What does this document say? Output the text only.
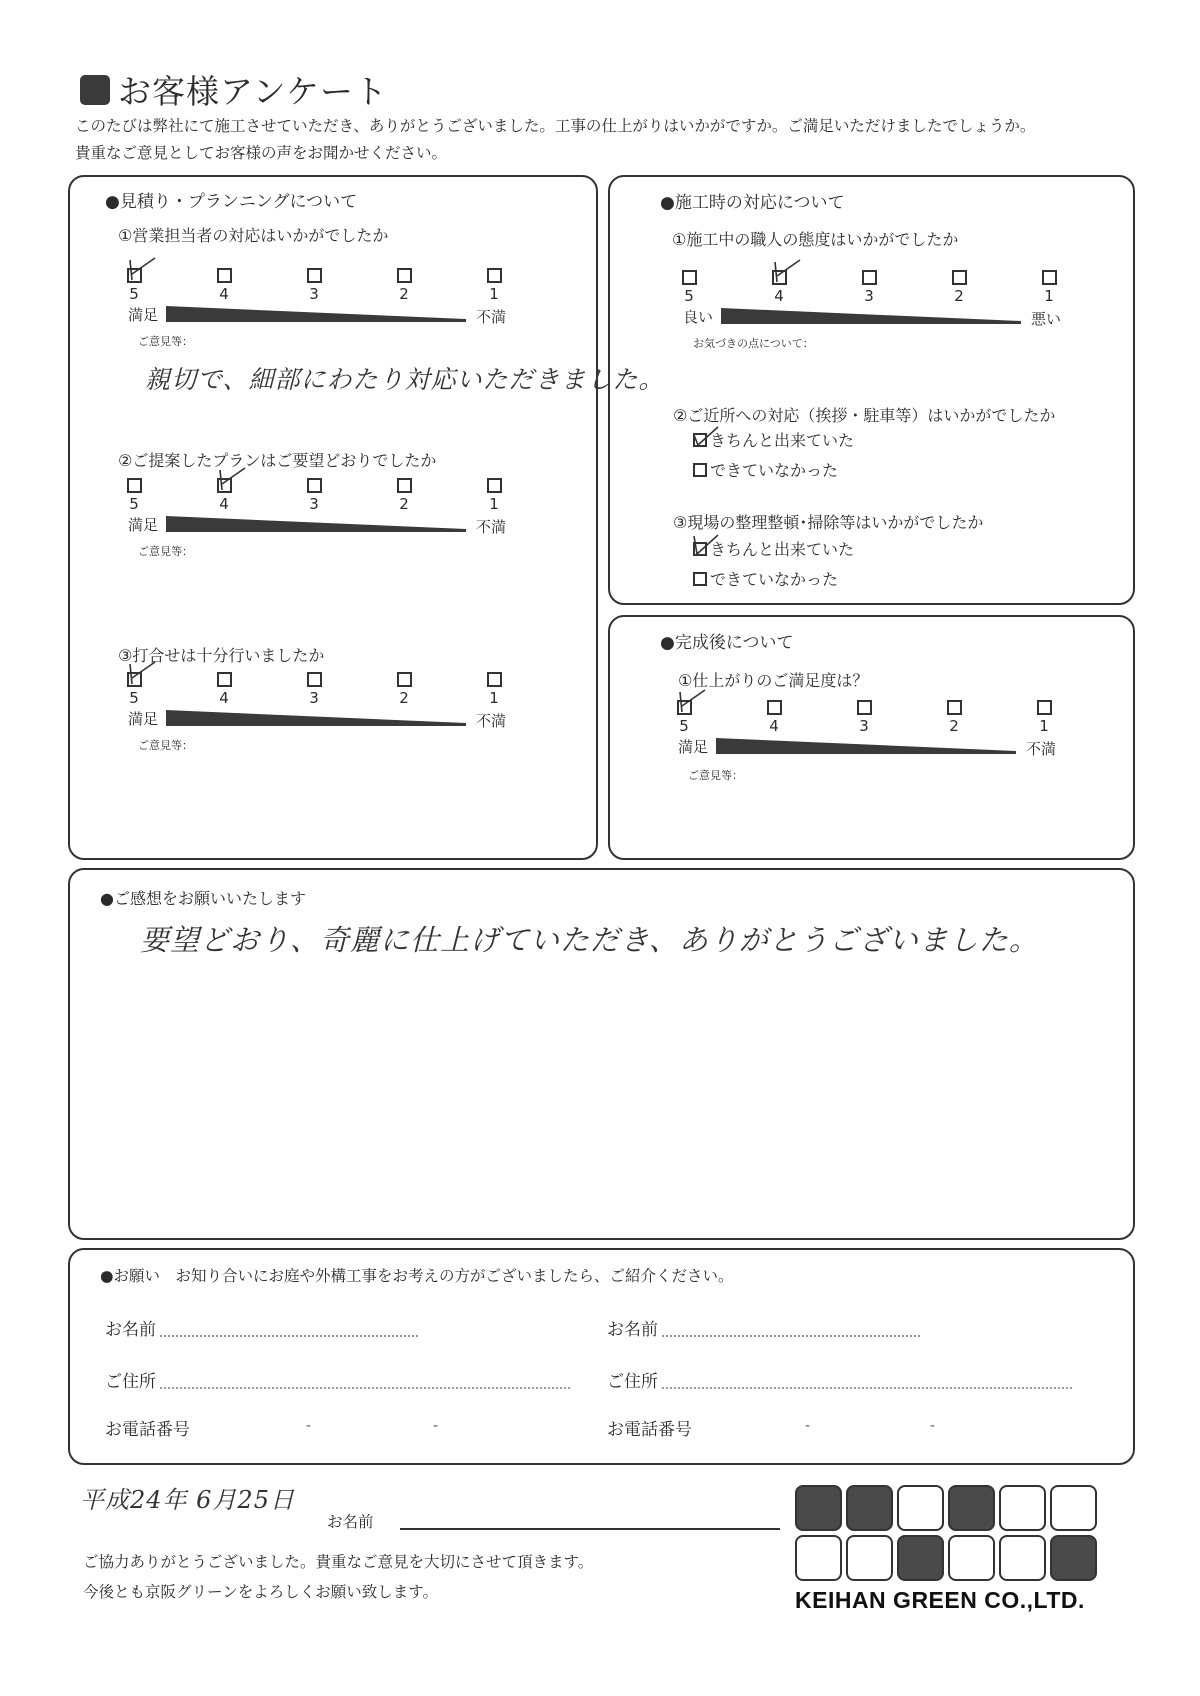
お客様アンケート
このたびは弊社にて施工させていただき、ありがとうございました。工事の仕上がりはいかがですか。ご満足いただけましたでしょうか。
貴重なご意見としてお客様の声をお聞かせください。
●見積り・プランニングについて
①営業担当者の対応はいかがでしたか
5	4	3	2	1
満足	不満
ご意見等：
親切で、細部にわたり対応いただきました。
②ご提案したプランはご要望どおりでしたか
5	4	3	2	1
満足	不満
ご意見等：
③打合せは十分行いましたか
5	4	3	2	1
満足	不満
ご意見等：
●施工時の対応について
①施工中の職人の態度はいかがでしたか
5	4	3	2	1
良い	悪い
お気づきの点について：
②ご近所への対応（挨拶・駐車等）はいかがでしたか
きちんと出来ていた
できていなかった
③現場の整理整頓･掃除等はいかがでしたか
きちんと出来ていた
できていなかった
●完成後について
①仕上がりのご満足度は？
5	4	3	2	1
満足	不満
ご意見等：
●ご感想をお願いいたします
要望どおり、奇麗に仕上げていただき、ありがとうございました。
●お願い　お知り合いにお庭や外構工事をお考えの方がございましたら、ご紹介ください。
お名前	お名前
ご住所	ご住所
お電話番号	-	-	お電話番号	-	-
平成24年 6月25日
お名前
ご協力ありがとうございました。貴重なご意見を大切にさせて頂きます。
今後とも京阪グリーンをよろしくお願い致します。	KEIHAN GREEN CO.,LTD.
